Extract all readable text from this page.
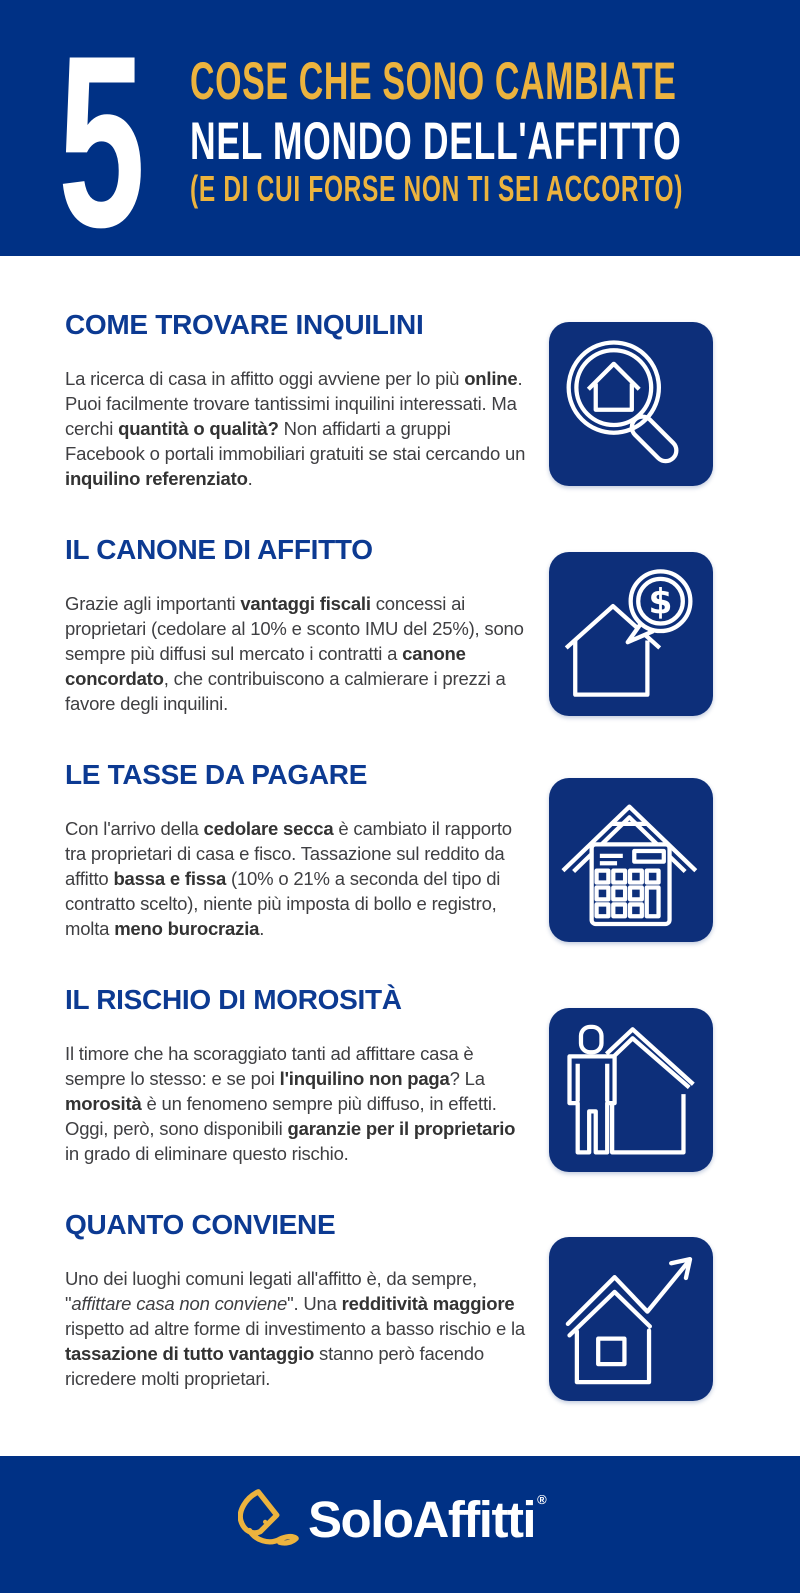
5 COSE CHE SONO CAMBIATE
NEL MONDO DELL'AFFITTO
(E DI CUI FORSE NON TI SEI ACCORTO)
COME TROVARE INQUILINI

La ricerca di casa in affitto oggi avviene per lo più online. Puoi facilmente trovare tantissimi inquilini interessati. Ma cerchi quantità o qualità? Non affidarti a gruppi Facebook o portali immobiliari gratuiti se stai cercando un inquilino referenziato.

IL CANONE DI AFFITTO

Grazie agli importanti vantaggi fiscali concessi ai proprietari (cedolare al 10% e sconto IMU del 25%), sono sempre più diffusi sul mercato i contratti a canone concordato, che contribuiscono a calmierare i prezzi a favore degli inquilini.

$
LE TASSE DA PAGARE

Con l'arrivo della cedolare secca è cambiato il rapporto tra proprietari di casa e fisco. Tassazione sul reddito da affitto bassa e fissa (10% o 21% a seconda del tipo di contratto scelto), niente più imposta di bollo e registro, molta meno burocrazia.

IL RISCHIO DI MOROSITÀ

Il timore che ha scoraggiato tanti ad affittare casa è sempre lo stesso: e se poi l'inquilino non paga? La morosità è un fenomeno sempre più diffuso, in effetti. Oggi, però, sono disponibili garanzie per il proprietario in grado di eliminare questo rischio.

QUANTO CONVIENE

Uno dei luoghi comuni legati all'affitto è, da sempre, "affittare casa non conviene". Una redditività maggiore rispetto ad altre forme di investimento a basso rischio e la tassazione di tutto vantaggio stanno però facendo ricredere molti proprietari.

SoloAffitti ®
